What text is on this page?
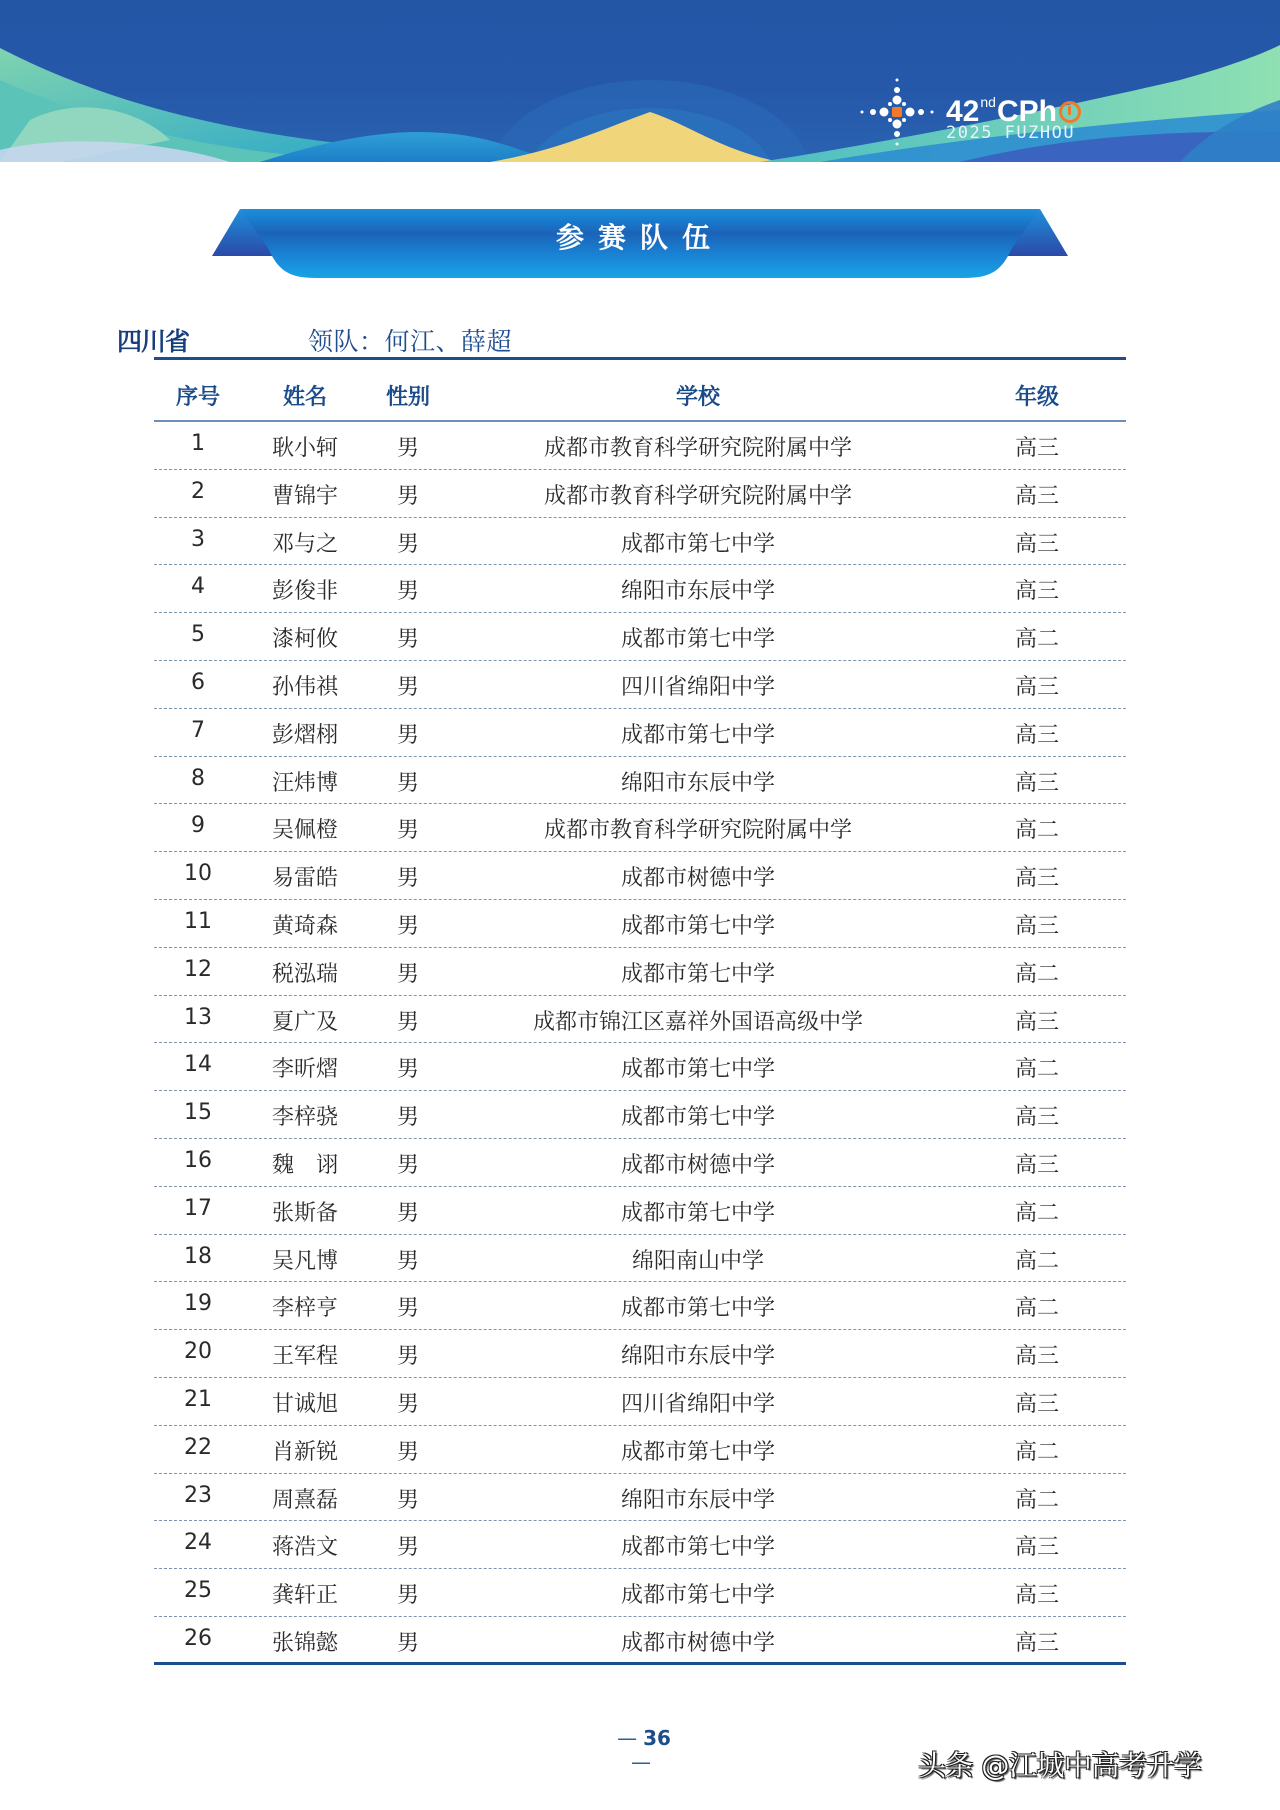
42ndCPh
2025 FUZHOU
参赛队伍
四川省	领队：何江、薛超
序号	姓名	性别	学校	年级
1	耿小轲	男	成都市教育科学研究院附属中学	高三
2	曹锦宇	男	成都市教育科学研究院附属中学	高三
3	邓与之	男	成都市第七中学	高三
4	彭俊非	男	绵阳市东辰中学	高三
5	漆柯攸	男	成都市第七中学	高二
6	孙伟祺	男	四川省绵阳中学	高三
7	彭熠栩	男	成都市第七中学	高三
8	汪炜博	男	绵阳市东辰中学	高三
9	吴佩橙	男	成都市教育科学研究院附属中学	高二
10	易雷皓	男	成都市树德中学	高三
11	黄琦森	男	成都市第七中学	高三
12	税泓瑞	男	成都市第七中学	高二
13	夏广及	男	成都市锦江区嘉祥外国语高级中学	高三
14	李昕熠	男	成都市第七中学	高二
15	李梓骁	男	成都市第七中学	高三
16	魏　诩	男	成都市树德中学	高三
17	张斯备	男	成都市第七中学	高二
18	吴凡博	男	绵阳南山中学	高二
19	李梓亨	男	成都市第七中学	高二
20	王军程	男	绵阳市东辰中学	高三
21	甘诚旭	男	四川省绵阳中学	高三
22	肖新锐	男	成都市第七中学	高二
23	周熹磊	男	绵阳市东辰中学	高二
24	蒋浩文	男	成都市第七中学	高三
25	龚轩正	男	成都市第七中学	高三
26	张锦懿	男	成都市树德中学	高三
— 36—	头条 @江城中高考升学
